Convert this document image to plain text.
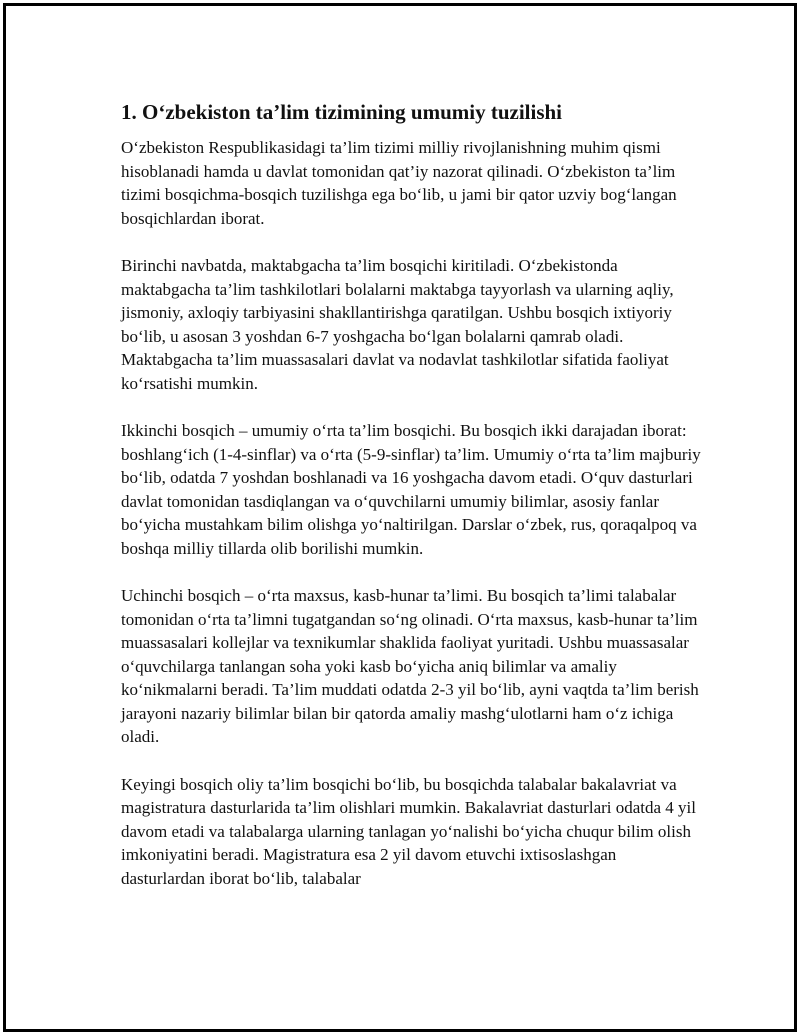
1. O‘zbekiston ta’lim tizimining umumiy tuzilishi

O‘zbekiston Respublikasidagi ta’lim tizimi milliy rivojlanishning muhim qismi hisoblanadi hamda u davlat tomonidan qat’iy nazorat qilinadi. O‘zbekiston ta’lim tizimi bosqichma-bosqich tuzilishga ega bo‘lib, u jami bir qator uzviy bog‘langan bosqichlardan iborat.

Birinchi navbatda, maktabgacha ta’lim bosqichi kiritiladi. O‘zbekistonda maktabgacha ta’lim tashkilotlari bolalarni maktabga tayyorlash va ularning aqliy, jismoniy, axloqiy tarbiyasini shakllantirishga qaratilgan. Ushbu bosqich ixtiyoriy bo‘lib, u asosan 3 yoshdan 6-7 yoshgacha bo‘lgan bolalarni qamrab oladi. Maktabgacha ta’lim muassasalari davlat va nodavlat tashkilotlar sifatida faoliyat ko‘rsatishi mumkin.

Ikkinchi bosqich – umumiy o‘rta ta’lim bosqichi. Bu bosqich ikki darajadan iborat: boshlang‘ich (1-4-sinflar) va o‘rta (5-9-sinflar) ta’lim. Umumiy o‘rta ta’lim majburiy bo‘lib, odatda 7 yoshdan boshlanadi va 16 yoshgacha davom etadi. O‘quv dasturlari davlat tomonidan tasdiqlangan va o‘quvchilarni umumiy bilimlar, asosiy fanlar bo‘yicha mustahkam bilim olishga yo‘naltirilgan. Darslar o‘zbek, rus, qoraqalpoq va boshqa milliy tillarda olib borilishi mumkin.

Uchinchi bosqich – o‘rta maxsus, kasb-hunar ta’limi. Bu bosqich ta’limi talabalar tomonidan o‘rta ta’limni tugatgandan so‘ng olinadi. O‘rta maxsus, kasb-hunar ta’lim muassasalari kollejlar va texnikumlar shaklida faoliyat yuritadi. Ushbu muassasalar o‘quvchilarga tanlangan soha yoki kasb bo‘yicha aniq bilimlar va amaliy ko‘nikmalarni beradi. Ta’lim muddati odatda 2-3 yil bo‘lib, ayni vaqtda ta’lim berish jarayoni nazariy bilimlar bilan bir qatorda amaliy mashg‘ulotlarni ham o‘z ichiga oladi.

Keyingi bosqich oliy ta’lim bosqichi bo‘lib, bu bosqichda talabalar bakalavriat va magistratura dasturlarida ta’lim olishlari mumkin. Bakalavriat dasturlari odatda 4 yil davom etadi va talabalarga ularning tanlagan yo‘nalishi bo‘yicha chuqur bilim olish imkoniyatini beradi. Magistratura esa 2 yil davom etuvchi ixtisoslashgan dasturlardan iborat bo‘lib, talabalar
